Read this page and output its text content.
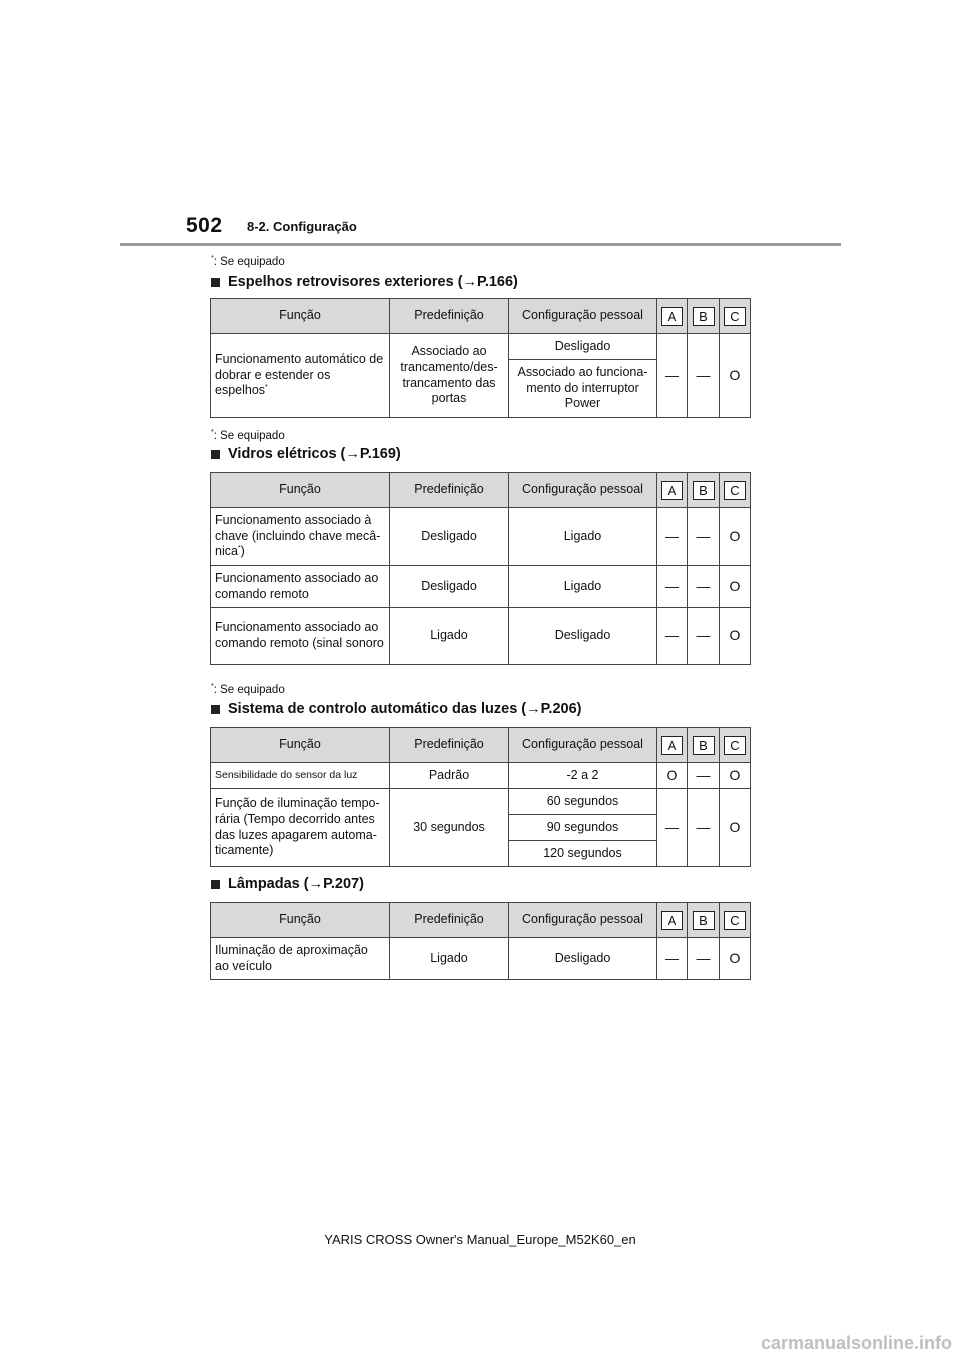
502 8-2. Configuração
*: Se equipado
Espelhos retrovisores exteriores ( → P.166)
Função	Predefinição	Configuração pessoal	A	B	C
Funcionamento automático de dobrar e estender os espelhos*	Associado ao trancamento/des-trancamento das portas	Desligado	—	—	O
		Associado ao funciona-mento do interruptor Power			
*: Se equipado
Vidros elétricos ( → P.169)
Função	Predefinição	Configuração pessoal	A	B	C
Funcionamento associado à chave (incluindo chave mecâ-nica*)	Desligado	Ligado	—	—	O
Funcionamento associado ao comando remoto	Desligado	Ligado	—	—	O
Funcionamento associado ao comando remoto (sinal sonoro	Ligado	Desligado	—	—	O
*: Se equipado
Sistema de controlo automático das luzes ( → P.206)
Função	Predefinição	Configuração pessoal	A	B	C
Sensibilidade do sensor da luz	Padrão	-2 a 2	O	—	O
Função de iluminação tempo-rária (Tempo decorrido antes das luzes apagarem automa-ticamente)	30 segundos	60 segundos	—	—	O
		90 segundos			
		120 segundos			
Lâmpadas ( → P.207)
Função	Predefinição	Configuração pessoal	A	B	C
Iluminação de aproximação ao veículo	Ligado	Desligado	—	—	O
YARIS CROSS Owner's Manual_Europe_M52K60_en
carmanualsonline.info
